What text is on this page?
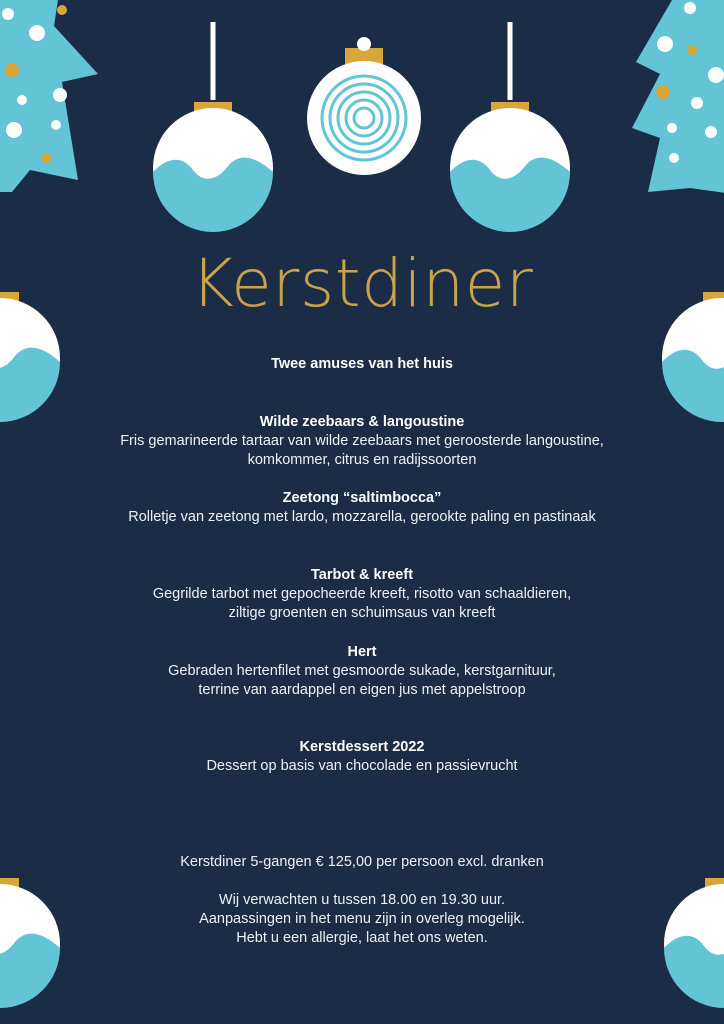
Kerstdiner
Twee amuses van het huis
Wilde zeebaars & langoustine
Fris gemarineerde tartaar van wilde zeebaars met geroosterde langoustine,
komkommer, citrus en radijssoorten
Zeetong “saltimbocca”
Rolletje van zeetong met lardo, mozzarella, gerookte paling en pastinaak
Tarbot & kreeft
Gegrilde tarbot met gepocheerde kreeft, risotto van schaaldieren,
ziltige groenten en schuimsaus van kreeft
Hert
Gebraden hertenfilet met gesmoorde sukade, kerstgarnituur,
terrine van aardappel en eigen jus met appelstroop
Kerstdessert 2022
Dessert op basis van chocolade en passievrucht
Kerstdiner 5-gangen € 125,00 per persoon excl. dranken
Wij verwachten u tussen 18.00 en 19.30 uur.
Aanpassingen in het menu zijn in overleg mogelijk.
Hebt u een allergie, laat het ons weten.
